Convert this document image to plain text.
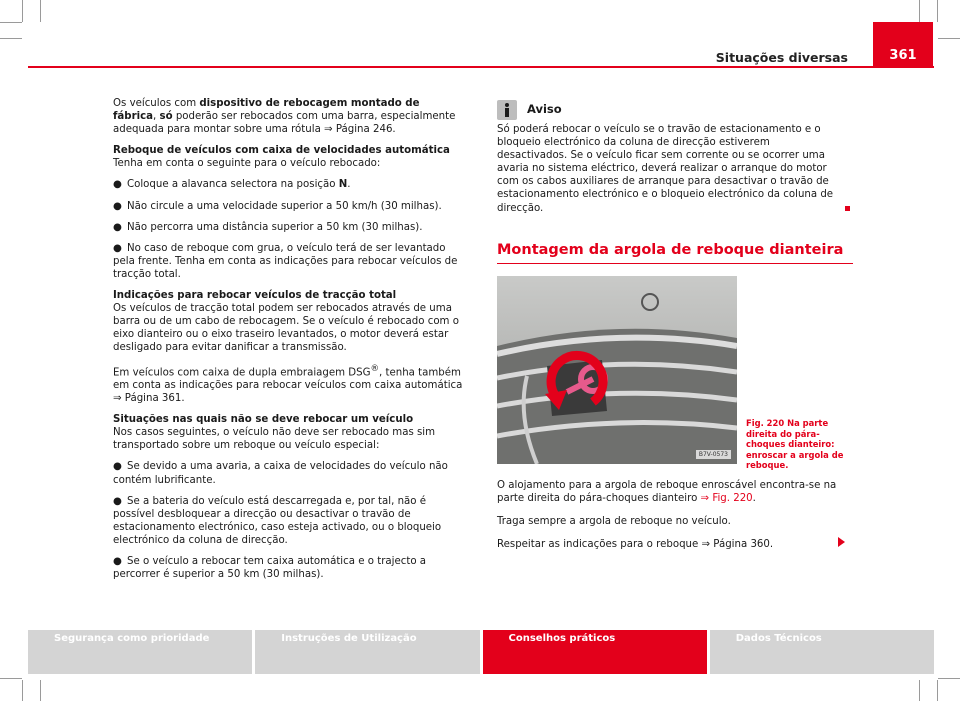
Situações diversas	361

Os veículos com dispositivo de rebocagem montado de fábrica, só poderão ser rebocados com uma barra, especialmente adequada para montar sobre uma rótula ⇒ Página 246.

Reboque de veículos com caixa de velocidades automática

Tenha em conta o seguinte para o veículo rebocado:

● Coloque a alavanca selectora na posição N.

● Não circule a uma velocidade superior a 50 km/h (30 milhas).

● Não percorra uma distância superior a 50 km (30 milhas).

● No caso de reboque com grua, o veículo terá de ser levantado pela frente. Tenha em conta as indicações para rebocar veículos de tracção total.

Indicações para rebocar veículos de tracção total

Os veículos de tracção total podem ser rebocados através de uma barra ou de um cabo de rebocagem. Se o veículo é rebocado com o eixo dianteiro ou o eixo traseiro levantados, o motor deverá estar desligado para evitar danificar a transmissão.

Em veículos com caixa de dupla embraiagem DSG®, tenha também em conta as indicações para rebocar veículos com caixa automática ⇒ Página 361.

Situações nas quais não se deve rebocar um veículo

Nos casos seguintes, o veículo não deve ser rebocado mas sim transportado sobre um reboque ou veículo especial:

● Se devido a uma avaria, a caixa de velocidades do veículo não contém lubrificante.

● Se a bateria do veículo está descarregada e, por tal, não é possível desbloquear a direcção ou desactivar o travão de estacionamento electrónico, caso esteja activado, ou o bloqueio electrónico da coluna de direcção.

● Se o veículo a rebocar tem caixa automática e o trajecto a percorrer é superior a 50 km (30 milhas).

Aviso

Só poderá rebocar o veículo se o travão de estacionamento e o bloqueio electrónico da coluna de direcção estiverem desactivados. Se o veículo ficar sem corrente ou se ocorrer uma avaria no sistema eléctrico, deverá realizar o arranque do motor com os cabos auxiliares de arranque para desactivar o travão de estacionamento electrónico e o bloqueio electrónico da coluna de direcção.

Montagem da argola de reboque dianteira
B7V-0573
Fig. 220 Na parte direita do pára-choques dianteiro: enroscar a argola de reboque.

O alojamento para a argola de reboque enroscável encontra-se na parte direita do pára-choques dianteiro ⇒ Fig. 220.

Traga sempre a argola de reboque no veículo.

Respeitar as indicações para o reboque ⇒ Página 360.

Segurança como prioridade	Instruções de Utilização	Conselhos práticos	Dados Técnicos
